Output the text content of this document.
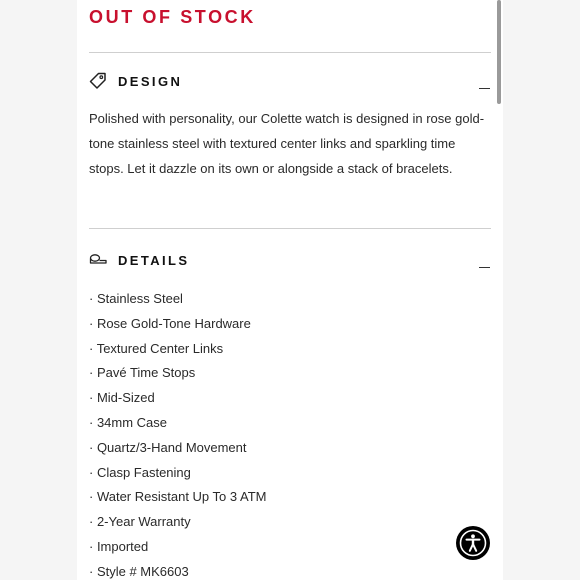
OUT OF STOCK
DESIGN

Polished with personality, our Colette watch is designed in rose gold-tone stainless steel with textured center links and sparkling time stops. Let it dazzle on its own or alongside a stack of bracelets.

DETAILS
· Stainless Steel
· Rose Gold-Tone Hardware
· Textured Center Links
· Pavé Time Stops
· Mid-Sized
· 34mm Case
· Quartz/3-Hand Movement
· Clasp Fastening
· Water Resistant Up To 3 ATM
· 2-Year Warranty
· Imported
· Style # MK6603
